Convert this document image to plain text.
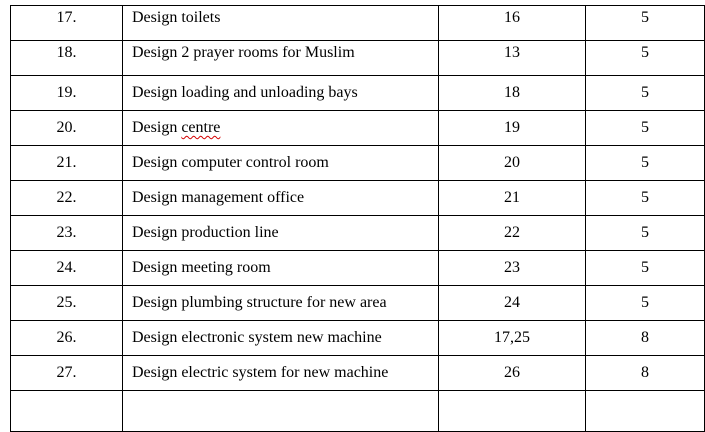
17.	Design toilets	16	5

18.	Design 2 prayer rooms for Muslim	13	5

19.	Design loading and unloading bays	18	5

20.	Design centre	19	5

21.	Design computer control room	20	5

22.	Design management office	21	5

23.	Design production line	22	5

24.	Design meeting room	23	5

25.	Design plumbing structure for new area	24	5

26.	Design electronic system new machine	17,25	8

27.	Design electric system for new machine	26	8
